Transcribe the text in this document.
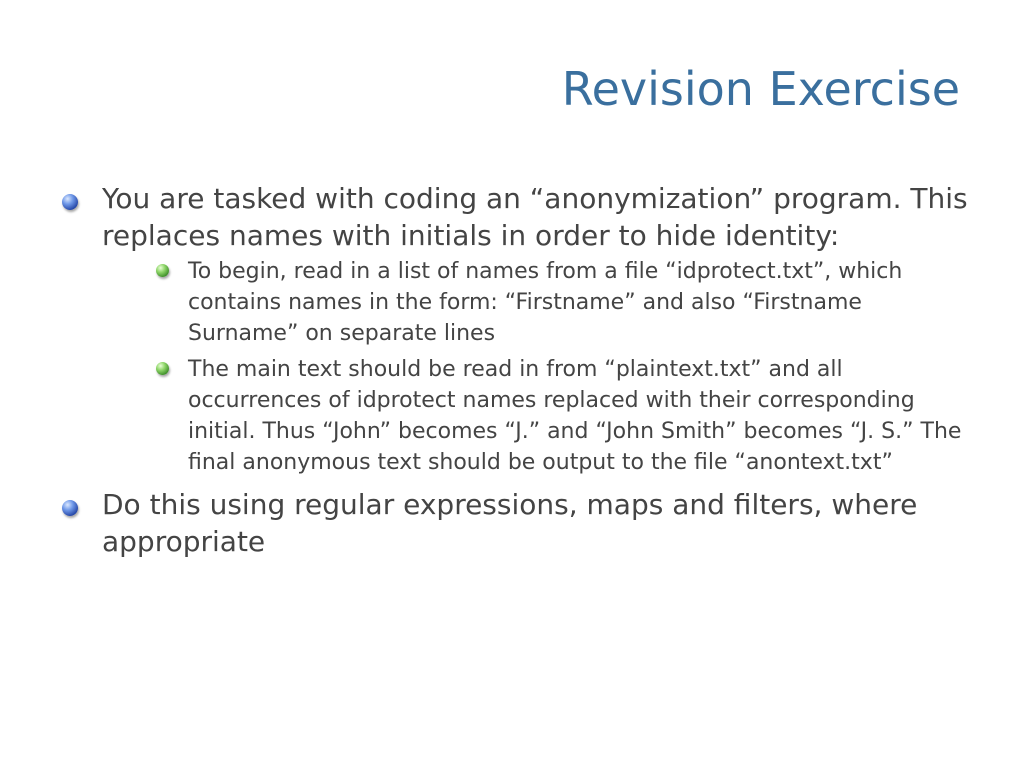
Revision Exercise
You are tasked with coding an “anonymization” program. This replaces names with initials in order to hide identity:
To begin, read in a list of names from a file “idprotect.txt”, which contains names in the form: “Firstname” and also “Firstname Surname” on separate lines
The main text should be read in from “plaintext.txt” and all occurrences of idprotect names replaced with their corresponding initial. Thus “John” becomes “J.” and “John Smith” becomes “J. S.” The final anonymous text should be output to the file “anontext.txt”
Do this using regular expressions, maps and filters, where appropriate
